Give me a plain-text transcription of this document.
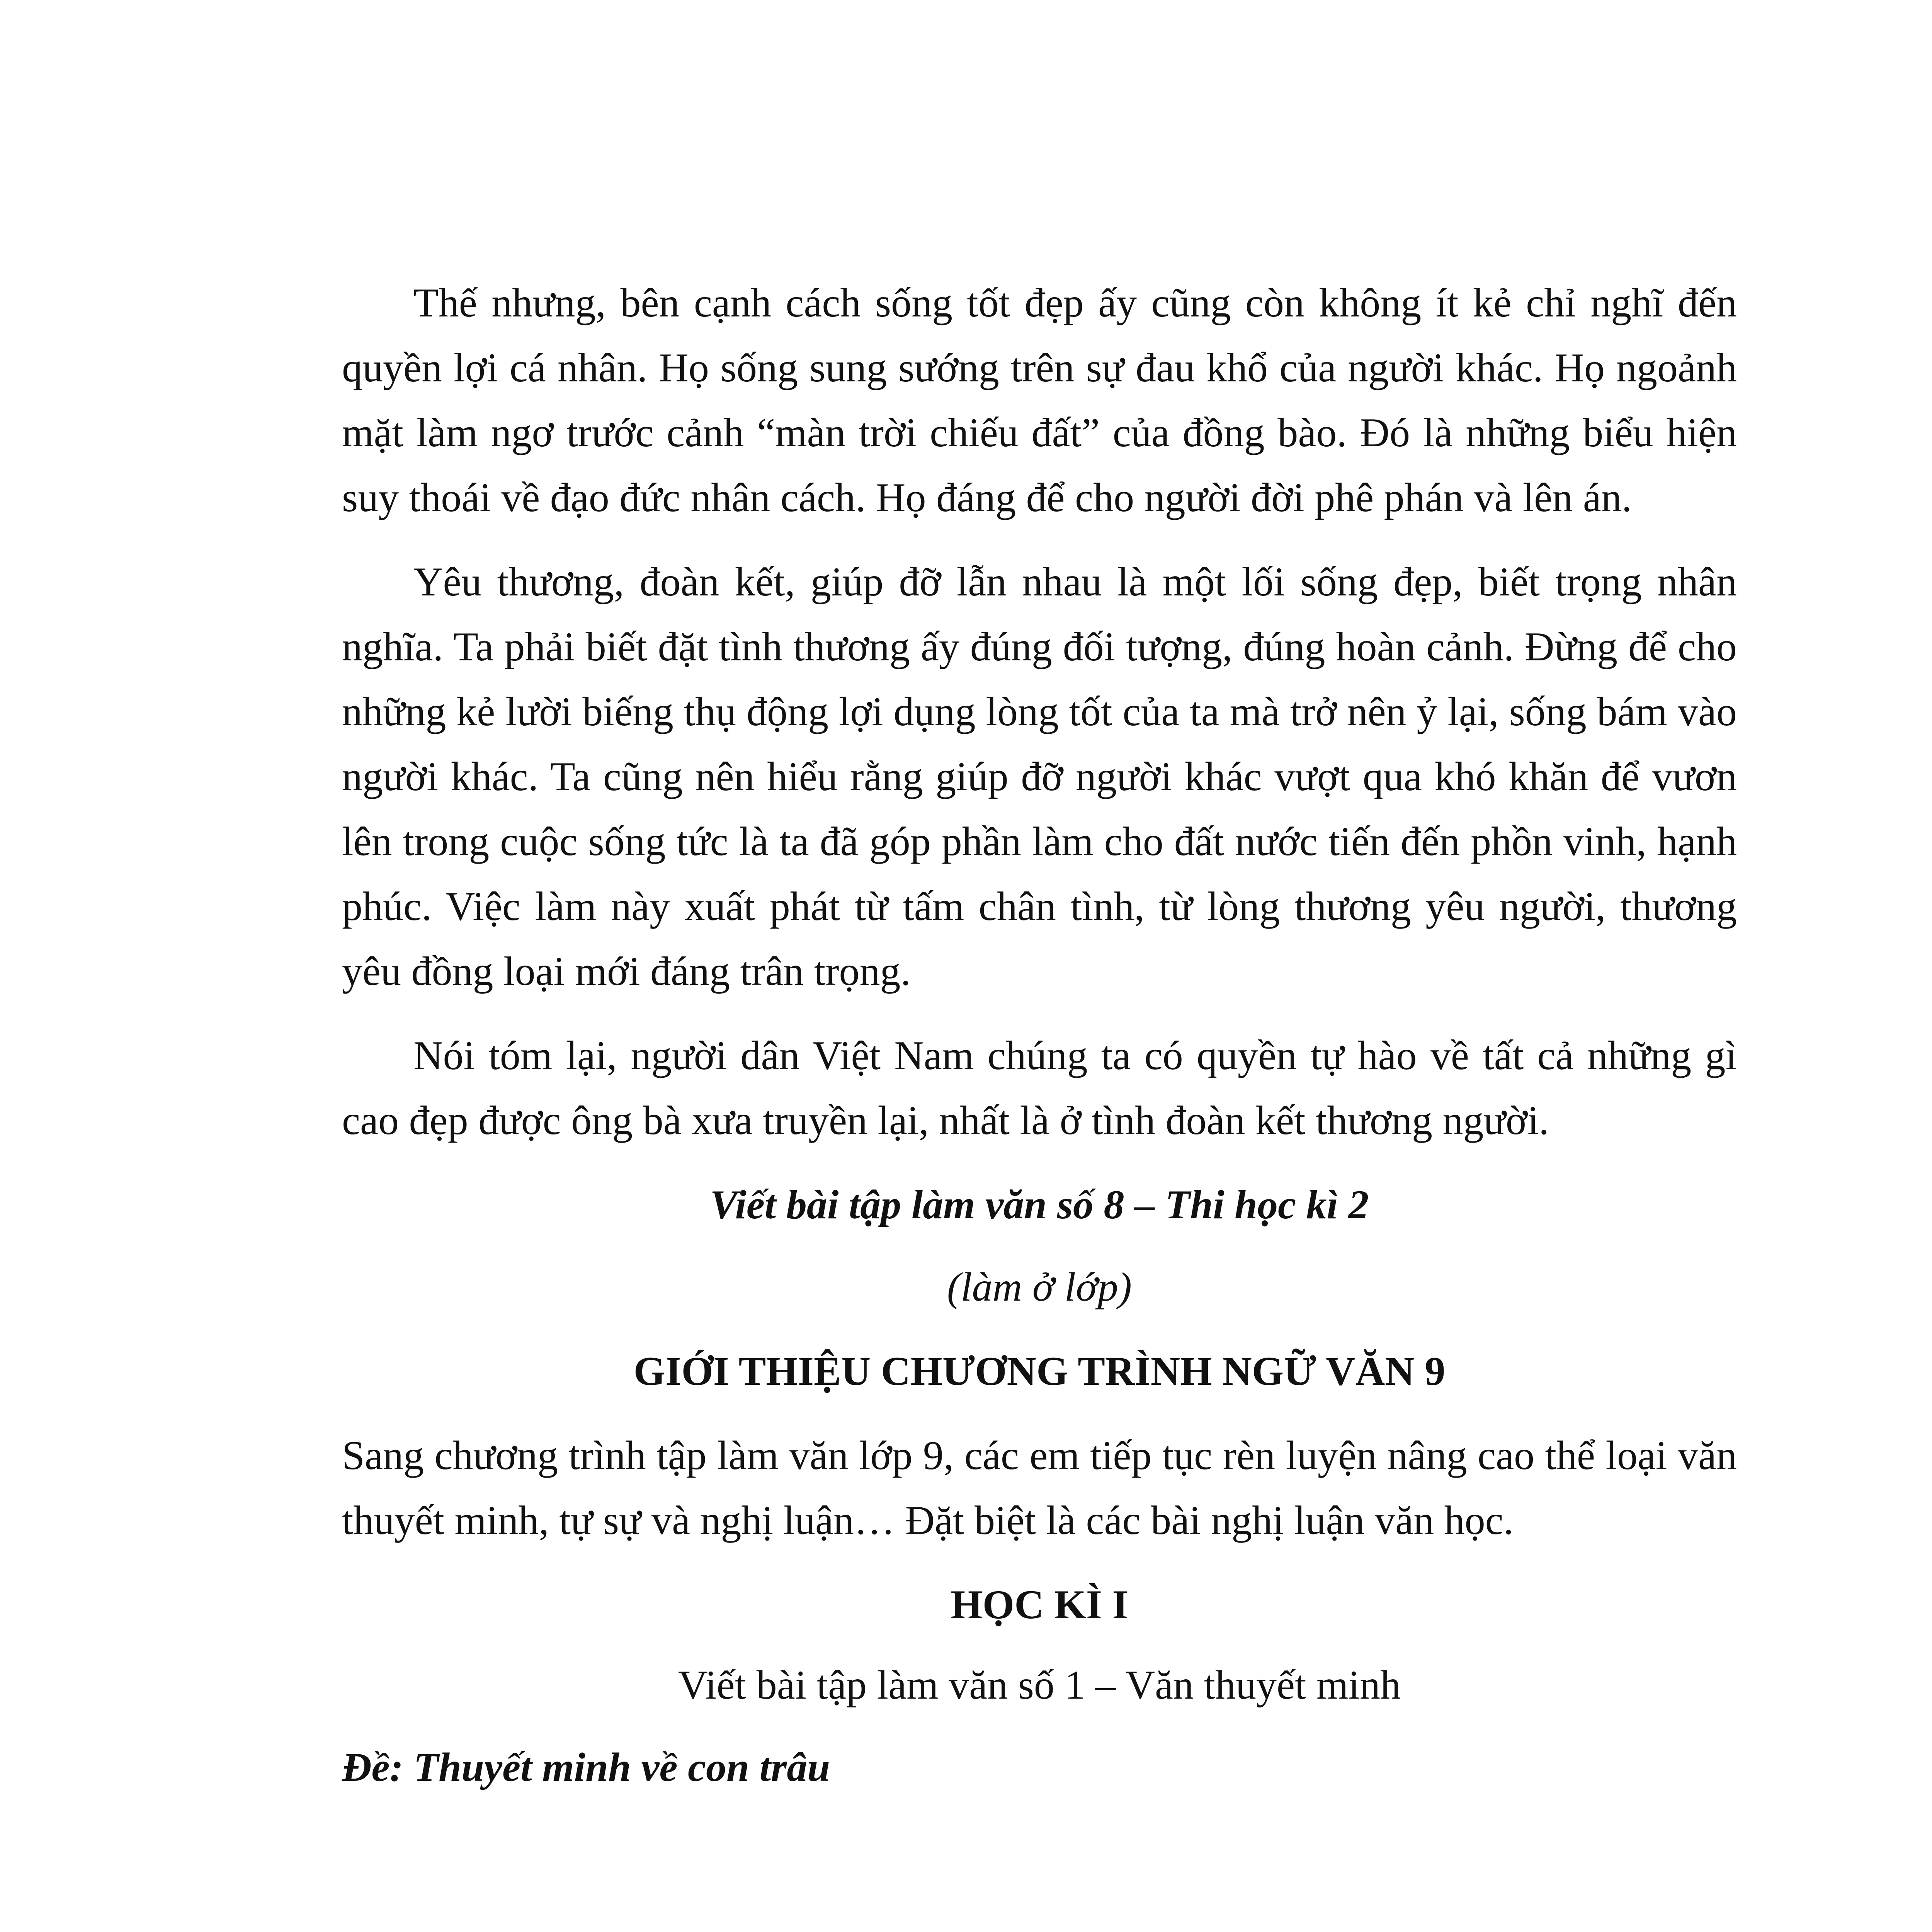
Thế nhưng, bên cạnh cách sống tốt đẹp ấy cũng còn không ít kẻ chỉ nghĩ đến quyền lợi cá nhân. Họ sống sung sướng trên sự đau khổ của người khác. Họ ngoảnh mặt làm ngơ trước cảnh “màn trời chiếu đất” của đồng bào. Đó là những biểu hiện suy thoái về đạo đức nhân cách. Họ đáng để cho người đời phê phán và lên án.

Yêu thương, đoàn kết, giúp đỡ lẫn nhau là một lối sống đẹp, biết trọng nhân nghĩa. Ta phải biết đặt tình thương ấy đúng đối tượng, đúng hoàn cảnh. Đừng để cho những kẻ lười biếng thụ động lợi dụng lòng tốt của ta mà trở nên ỷ lại, sống bám vào người khác. Ta cũng nên hiểu rằng giúp đỡ người khác vượt qua khó khăn để vươn lên trong cuộc sống tức là ta đã góp phần làm cho đất nước tiến đến phồn vinh, hạnh phúc. Việc làm này xuất phát từ tấm chân tình, từ lòng thương yêu người, thương yêu đồng loại mới đáng trân trọng.

Nói tóm lại, người dân Việt Nam chúng ta có quyền tự hào về tất cả những gì cao đẹp được ông bà xưa truyền lại, nhất là ở tình đoàn kết thương người.

Viết bài tập làm văn số 8 – Thi học kì 2

(làm ở lớp)

GIỚI THIỆU CHƯƠNG TRÌNH NGỮ VĂN 9

Sang chương trình tập làm văn lớp 9, các em tiếp tục rèn luyện nâng cao thể loại văn thuyết minh, tự sự và nghị luận… Đặt biệt là các bài nghị luận văn học.

HỌC KÌ I

Viết bài tập làm văn số 1 – Văn thuyết minh

Đề: Thuyết minh về con trâu
